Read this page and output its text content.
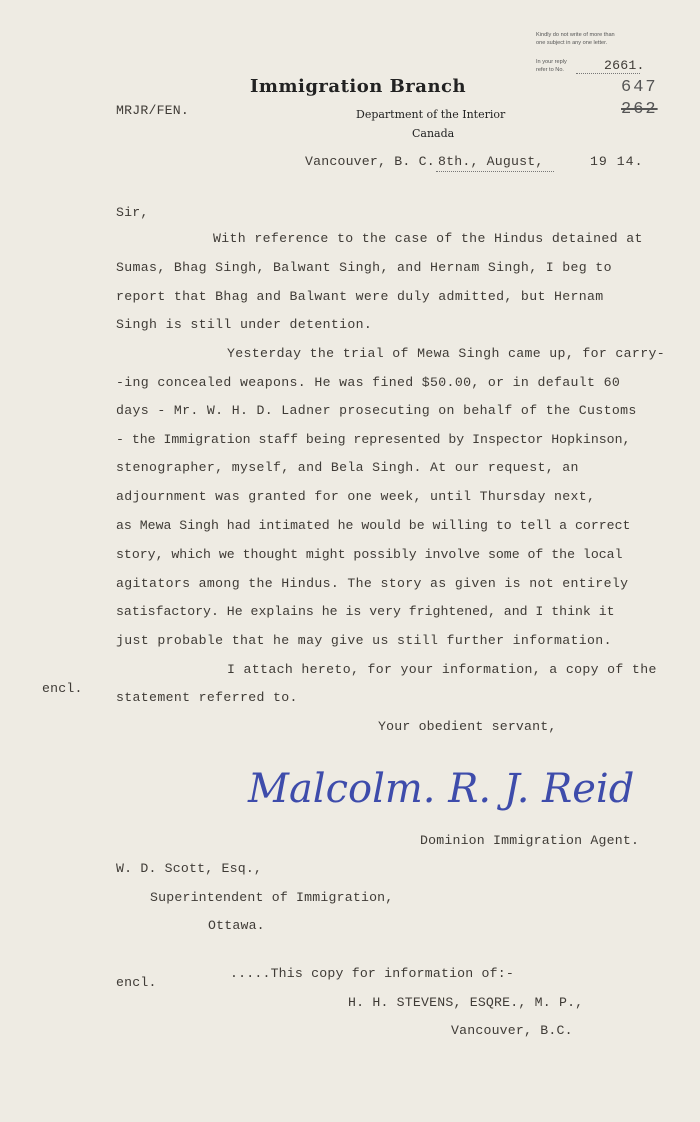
Kindly do not write of more than
one subject in any one letter.
In your reply
refer to No.	2661.
647
262
Immigration Branch
Department of the Interior
Canada
MRJR/FEN.
Vancouver, B. C. 8th., August,	19 14.
Sir,
With reference to the case of the Hindus detained at
Sumas, Bhag Singh, Balwant Singh, and Hernam Singh, I beg to
report that Bhag and Balwant were duly admitted, but Hernam
Singh is still under detention.
Yesterday the trial of Mewa Singh came up, for carry-
-ing concealed weapons. He was fined $50.00, or in default 60
days - Mr. W. H. D. Ladner prosecuting on behalf of the Customs
- the Immigration staff being represented by Inspector Hopkinson,
stenographer, myself, and Bela Singh. At our request, an
adjournment was granted for one week, until Thursday next,
as Mewa Singh had intimated he would be willing to tell a correct
story, which we thought might possibly involve some of the local
agitators among the Hindus. The story as given is not entirely
satisfactory. He explains he is very frightened, and I think it
just probable that he may give us still further information.
I attach hereto, for your information, a copy of the
encl.
statement referred to.
Your obedient servant,
Malcolm. R. J. Reid
Dominion Immigration Agent.
W. D. Scott, Esq.,
Superintendent of Immigration,
Ottawa.
encl.
.....This copy for information of:-
H. H. STEVENS, ESQRE., M. P.,
Vancouver, B.C.
